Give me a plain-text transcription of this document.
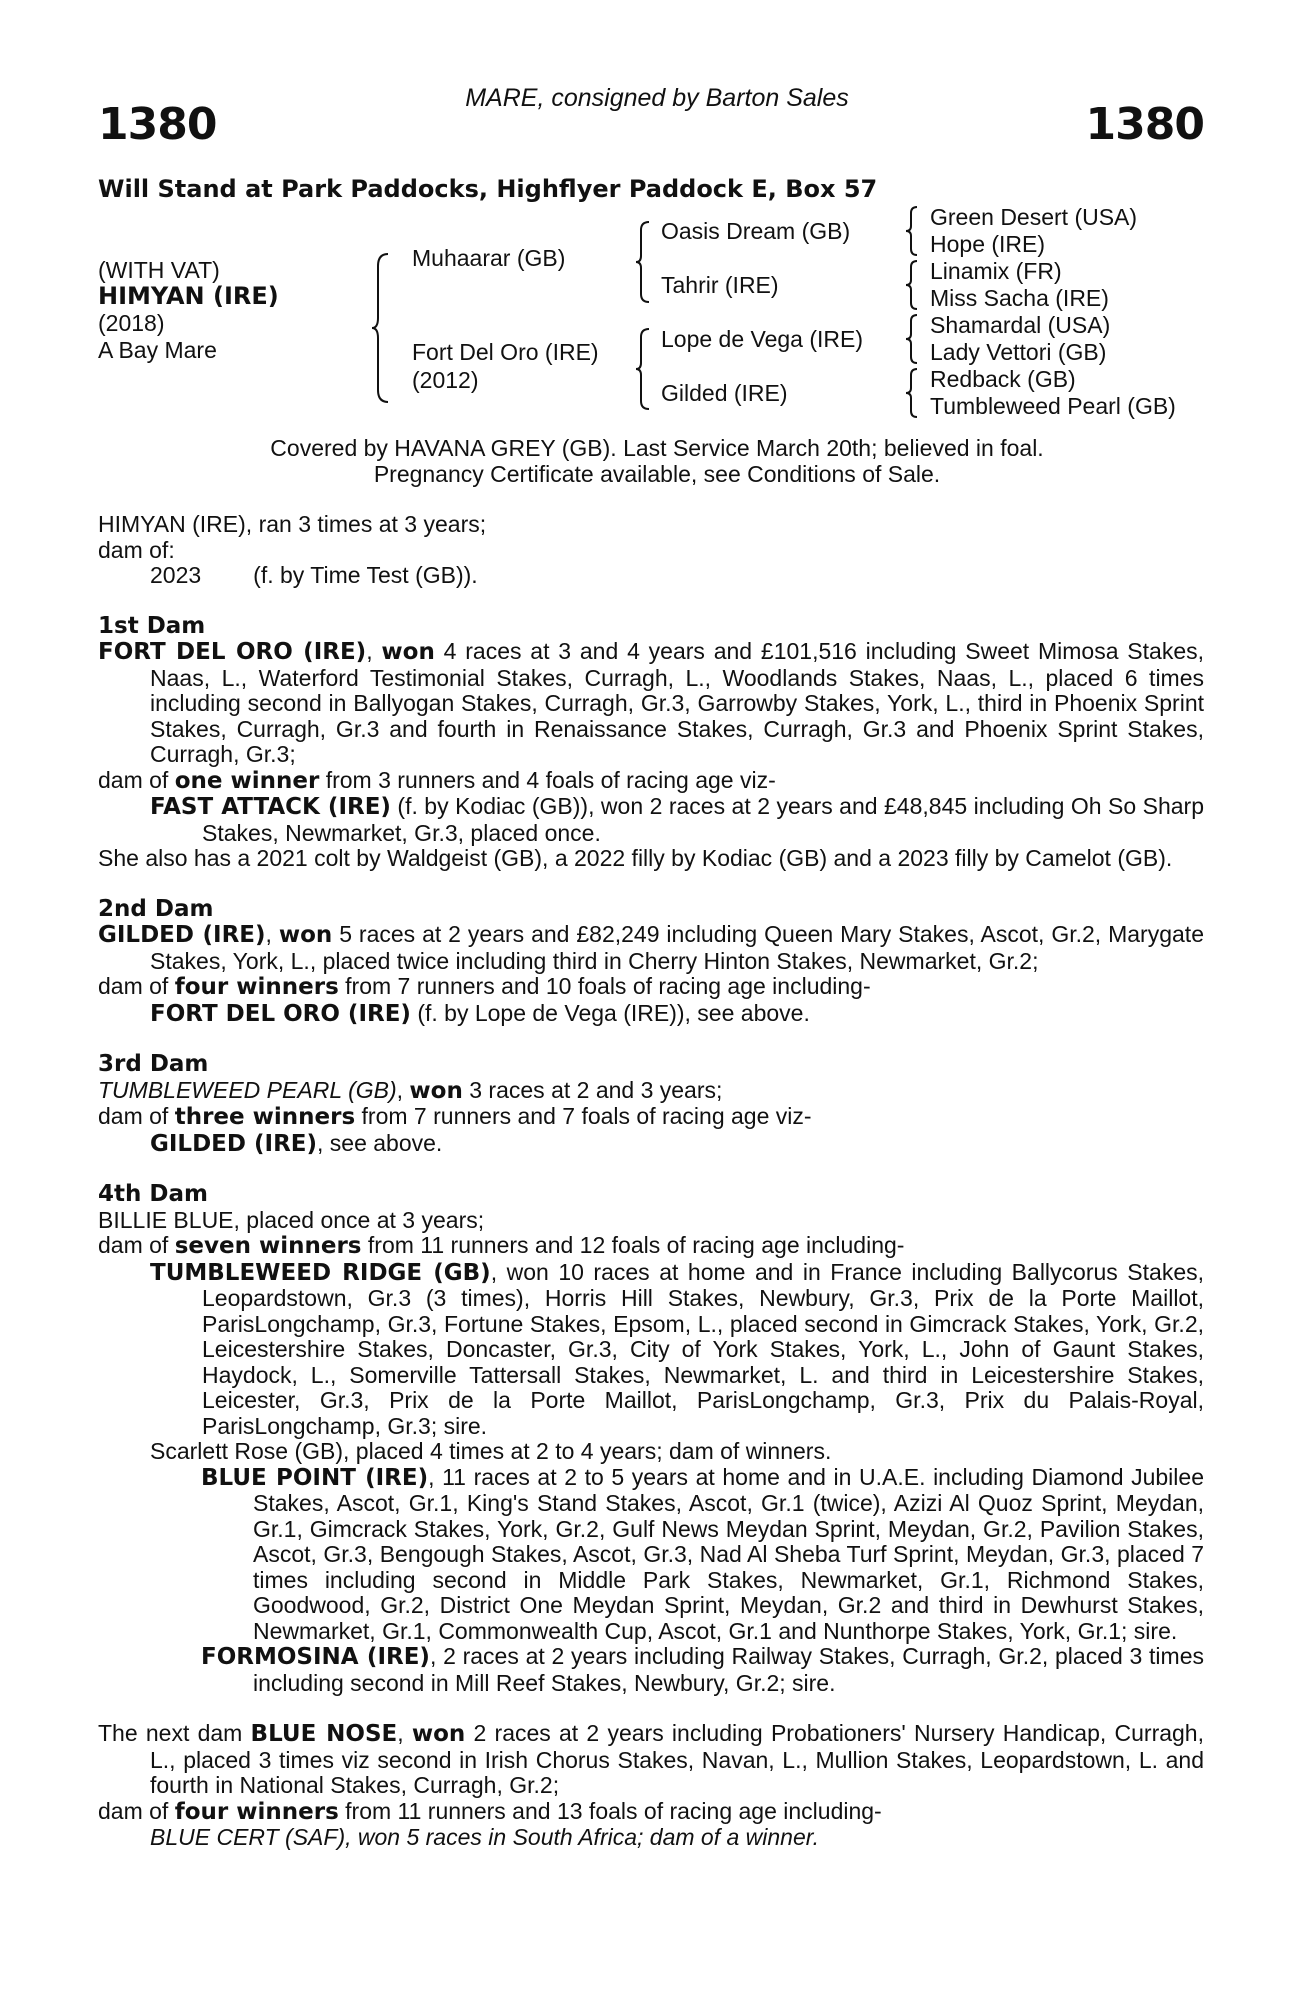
MARE, consigned by Barton Sales
1380	1380
Will Stand at Park Paddocks, Highflyer Paddock E, Box 57
(WITH VAT)
HIMYAN (IRE)
(2018)
A Bay Mare
Muhaarar (GB)
Fort Del Oro (IRE)
(2012)
Oasis Dream (GB)
Tahrir (IRE)
Lope de Vega (IRE)
Gilded (IRE)
Green Desert (USA)
Hope (IRE)
Linamix (FR)
Miss Sacha (IRE)
Shamardal (USA)
Lady Vettori (GB)
Redback (GB)
Tumbleweed Pearl (GB)
Covered by HAVANA GREY (GB). Last Service March 20th; believed in foal.
Pregnancy Certificate available, see Conditions of Sale.
HIMYAN (IRE), ran 3 times at 3 years;
dam of:
2023 (f. by Time Test (GB)).
1st Dam

FORT DEL ORO (IRE), won 4 races at 3 and 4 years and £101,516 including Sweet Mimosa Stakes, Naas, L., Waterford Testimonial Stakes, Curragh, L., Woodlands Stakes, Naas, L., placed 6 times including second in Ballyogan Stakes, Curragh, Gr.3, Garrowby Stakes, York, L., third in Phoenix Sprint Stakes, Curragh, Gr.3 and fourth in Renaissance Stakes, Curragh, Gr.3 and Phoenix Sprint Stakes, Curragh, Gr.3;

dam of one winner from 3 runners and 4 foals of racing age viz-

FAST ATTACK (IRE) (f. by Kodiac (GB)), won 2 races at 2 years and £48,845 including Oh So Sharp Stakes, Newmarket, Gr.3, placed once.

She also has a 2021 colt by Waldgeist (GB), a 2022 filly by Kodiac (GB) and a 2023 filly by Camelot (GB).

2nd Dam

GILDED (IRE), won 5 races at 2 years and £82,249 including Queen Mary Stakes, Ascot, Gr.2, Marygate Stakes, York, L., placed twice including third in Cherry Hinton Stakes, Newmarket, Gr.2;

dam of four winners from 7 runners and 10 foals of racing age including-

FORT DEL ORO (IRE) (f. by Lope de Vega (IRE)), see above.

3rd Dam

TUMBLEWEED PEARL (GB), won 3 races at 2 and 3 years;

dam of three winners from 7 runners and 7 foals of racing age viz-

GILDED (IRE), see above.

4th Dam

BILLIE BLUE, placed once at 3 years;

dam of seven winners from 11 runners and 12 foals of racing age including-

TUMBLEWEED RIDGE (GB), won 10 races at home and in France including Ballycorus Stakes, Leopardstown, Gr.3 (3 times), Horris Hill Stakes, Newbury, Gr.3, Prix de la Porte Maillot, ParisLongchamp, Gr.3, Fortune Stakes, Epsom, L., placed second in Gimcrack Stakes, York, Gr.2, Leicestershire Stakes, Doncaster, Gr.3, City of York Stakes, York, L., John of Gaunt Stakes, Haydock, L., Somerville Tattersall Stakes, Newmarket, L. and third in Leicestershire Stakes, Leicester, Gr.3, Prix de la Porte Maillot, ParisLongchamp, Gr.3, Prix du Palais-Royal, ParisLongchamp, Gr.3; sire.

Scarlett Rose (GB), placed 4 times at 2 to 4 years; dam of winners.

BLUE POINT (IRE), 11 races at 2 to 5 years at home and in U.A.E. including Diamond Jubilee Stakes, Ascot, Gr.1, King's Stand Stakes, Ascot, Gr.1 (twice), Azizi Al Quoz Sprint, Meydan, Gr.1, Gimcrack Stakes, York, Gr.2, Gulf News Meydan Sprint, Meydan, Gr.2, Pavilion Stakes, Ascot, Gr.3, Bengough Stakes, Ascot, Gr.3, Nad Al Sheba Turf Sprint, Meydan, Gr.3, placed 7 times including second in Middle Park Stakes, Newmarket, Gr.1, Richmond Stakes, Goodwood, Gr.2, District One Meydan Sprint, Meydan, Gr.2 and third in Dewhurst Stakes, Newmarket, Gr.1, Commonwealth Cup, Ascot, Gr.1 and Nunthorpe Stakes, York, Gr.1; sire.

FORMOSINA (IRE), 2 races at 2 years including Railway Stakes, Curragh, Gr.2, placed 3 times including second in Mill Reef Stakes, Newbury, Gr.2; sire.

The next dam BLUE NOSE, won 2 races at 2 years including Probationers' Nursery Handicap, Curragh, L., placed 3 times viz second in Irish Chorus Stakes, Navan, L., Mullion Stakes, Leopardstown, L. and fourth in National Stakes, Curragh, Gr.2;

dam of four winners from 11 runners and 13 foals of racing age including-

BLUE CERT (SAF), won 5 races in South Africa; dam of a winner.
